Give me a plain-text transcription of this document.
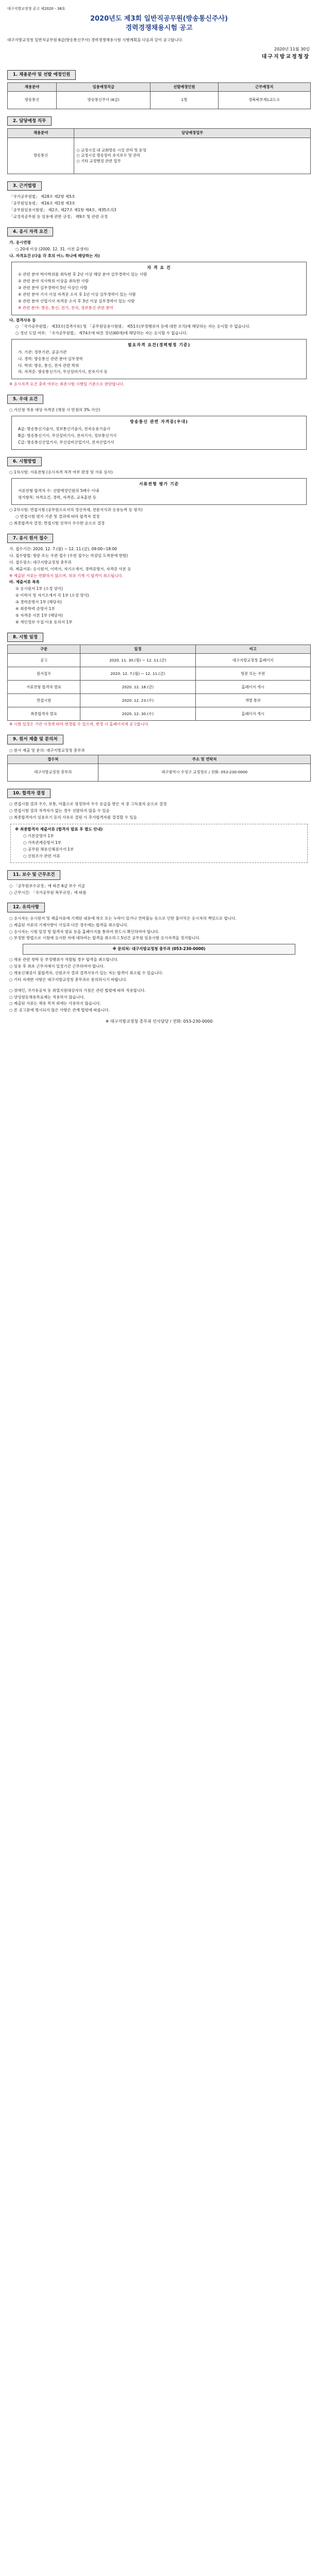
대구지방교정청 공고 제2020 - 38호
2020년도 제3회 일반직공무원(방송통신주사)
경력경쟁채용시험 공고

대구지방교정청 일반직공무원 6급(방송통신주사) 경력경쟁채용시험 시행계획을 다음과 같이 공고합니다.

2020년 11월 30일
대구지방교정청장
1. 채용분야 및 선발 예정인원
채용분야	임용예정직급	선발예정인원	근무예정지
방송통신	방송통신주사 (6급)	1명	경북북부제1교도소
2. 담당예정 직무
채용분야	담당예정업무
방송통신	○ 교정시설 내 교화방송 시설 관리 및 운영
○ 교정시설 방송장비 유지보수 및 관리
○ 기타 교정행정 관련 업무
3. 근거법령
「국가공무원법」 제28조 제2항 제5호
「공무원임용령」 제16조 제1항 제3호
「공무원임용시험령」 제2조, 제27조 제1항 제4호, 제35조의3
「교정직공무원 등 임용에 관한 규정」 제9조 및 관련 규정
4. 응시 자격 요건
가. 응시연령
○ 20세 이상 (2000. 12. 31. 이전 출생자)
나. 자격요건 (다음 각 호의 어느 하나에 해당하는 자)
자 격 요 건
① 관련 분야 학사학위를 취득한 후 2년 이상 해당 분야 실무경력이 있는 사람
② 관련 분야 석사학위 이상을 취득한 사람
③ 관련 분야 실무경력이 5년 이상인 사람
④ 관련 분야 기사 이상 자격증 소지 후 1년 이상 실무경력이 있는 사람
⑤ 관련 분야 산업기사 자격증 소지 후 3년 이상 실무경력이 있는 사람
※ 관련 분야: 방송, 통신, 전기, 전자, 정보통신 관련 분야
다. 결격사유 등
○ 「국가공무원법」 제33조(결격사유) 및 「공무원임용시험령」 제51조(부정행위자 등에 대한 조치)에 해당하는 자는 응시할 수 없습니다.
○ 정년 도달 여부: 「국가공무원법」 제74조에 따른 정년(60세)에 해당하는 자는 응시할 수 없습니다.
필요자격 요건(경력평정 기준)
가. 기관: 정부기관, 공공기관
나. 경력: 방송통신 관련 분야 실무경력
다. 학위: 방송, 통신, 전자 관련 학위
라. 자격증: 방송통신기사, 무선설비기사, 전자기사 등
※ 응시자격 요건 충족 여부는 최종시험 시행일 기준으로 판단합니다.
5. 우대 요건
○ 가산점 적용 대상 자격증 (채점 시 만점의 3% 가산)
방송통신 관련 자격증(우대)
A급: 방송통신기술사, 정보통신기술사, 전자응용기술사
B급: 방송통신기사, 무선설비기사, 전자기사, 정보통신기사
C급: 방송통신산업기사, 무선설비산업기사, 전자산업기사
6. 시험방법
○ 1차시험: 서류전형 (응시자격 적격 여부 판정 및 서류 심사)
서류전형 평가 기준
서류전형 합격자 수: 선발예정인원의 5배수 이내
평가항목: 자격요건, 경력, 자격증, 교육훈련 등
○ 2차시험: 면접시험 (공무원으로서의 정신자세, 전문지식과 응용능력 등 평가)
○ 면접시험 평가 기준 및 결과에 따라 합격자 결정
○ 최종합격자 결정: 면접시험 성적이 우수한 순으로 결정
7. 응시 원서 접수
가. 접수기간: 2020. 12. 7.(월) ~ 12. 11.(금), 09:00~18:00
나. 접수방법: 방문 또는 우편 접수 (우편 접수는 마감일 도착분에 한함)
다. 접수장소: 대구지방교정청 총무과
라. 제출서류: 응시원서, 이력서, 자기소개서, 경력증명서, 자격증 사본 등
※ 제출된 서류는 반환하지 않으며, 허위 기재 시 합격이 취소됩니다.
마. 제출서류 목록
① 응시원서 1부 (소정 양식)
② 이력서 및 자기소개서 각 1부 (소정 양식)
③ 경력증명서 1부 (해당자)
④ 최종학력 증명서 1부
⑤ 자격증 사본 1부 (해당자)
⑥ 개인정보 수집·이용 동의서 1부
8. 시험 일정
구분	일정	비고
공고	2020. 11. 30.(월) ~ 12. 11.(금)	대구지방교정청 홈페이지
원서접수	2020. 12. 7.(월) ~ 12. 11.(금)	방문 또는 우편
서류전형 합격자 발표	2020. 12. 18.(금)	홈페이지 게시
면접시험	2020. 12. 23.(수)	개별 통보
최종합격자 발표	2020. 12. 30.(수)	홈페이지 게시
※ 시험 일정은 기관 사정에 따라 변경될 수 있으며, 변경 시 홈페이지에 공고합니다.
9. 원서 제출 및 문의처
○ 원서 제출 및 문의: 대구지방교정청 총무과
접수처	주소 및 연락처
대구지방교정청 총무과	대구광역시 수성구 교정청로 / 전화: 053-230-0000
10. 합격자 결정
○ 면접시험 결과 우수, 보통, 미흡으로 평정하여 우수 등급을 받은 자 중 고득점자 순으로 결정
○ 면접시험 결과 적격자가 없는 경우 선발하지 않을 수 있음
○ 최종합격자가 임용포기 등의 사유로 결원 시 추가합격자를 결정할 수 있음
※ 최종합격자 제출서류 (합격자 발표 후 별도 안내)
○ 기본증명서 1부
○ 가족관계증명서 1부
○ 공무원 채용신체검사서 1부
○ 신원조사 관련 서류
11. 보수 및 근무조건
○ 「공무원보수규정」에 따른 6급 보수 지급
○ 근무시간: 「국가공무원 복무규정」에 따름
12. 유의사항
○ 응시자는 응시원서 및 제출서류에 기재된 내용에 착오 또는 누락이 있거나 연락불능 등으로 인한 불이익은 응시자의 책임으로 합니다.
○ 제출된 서류의 기재사항이 사실과 다른 경우에는 합격을 취소합니다.
○ 응시자는 시험 일정 및 합격자 발표 등을 홈페이지를 통하여 반드시 확인하여야 합니다.
○ 부정한 방법으로 시험에 응시한 자에 대하여는 합격을 취소하고 5년간 공무원 임용시험 응시자격을 정지합니다.
※ 문의처: 대구지방교정청 총무과 (053-230-0000)
○ 채용 관련 청탁 등 부정행위가 적발될 경우 합격을 취소합니다.
○ 임용 후 최초 근무지에서 일정기간 근무하여야 합니다.
○ 채용신체검사 불합격자, 신원조사 결과 결격사유가 있는 자는 합격이 취소될 수 있습니다.
○ 기타 자세한 사항은 대구지방교정청 총무과로 문의하시기 바랍니다.
○ 장애인, 국가유공자 등 취업지원대상자의 가점은 관련 법령에 따라 적용합니다.
○ 양성평등채용목표제는 적용하지 않습니다.
○ 제출된 서류는 채용 목적 외에는 사용하지 않습니다.
○ 본 공고문에 명시되지 않은 사항은 관계 법령에 따릅니다.
※ 대구지방교정청 총무과 인사담당 / 전화: 053-230-0000
